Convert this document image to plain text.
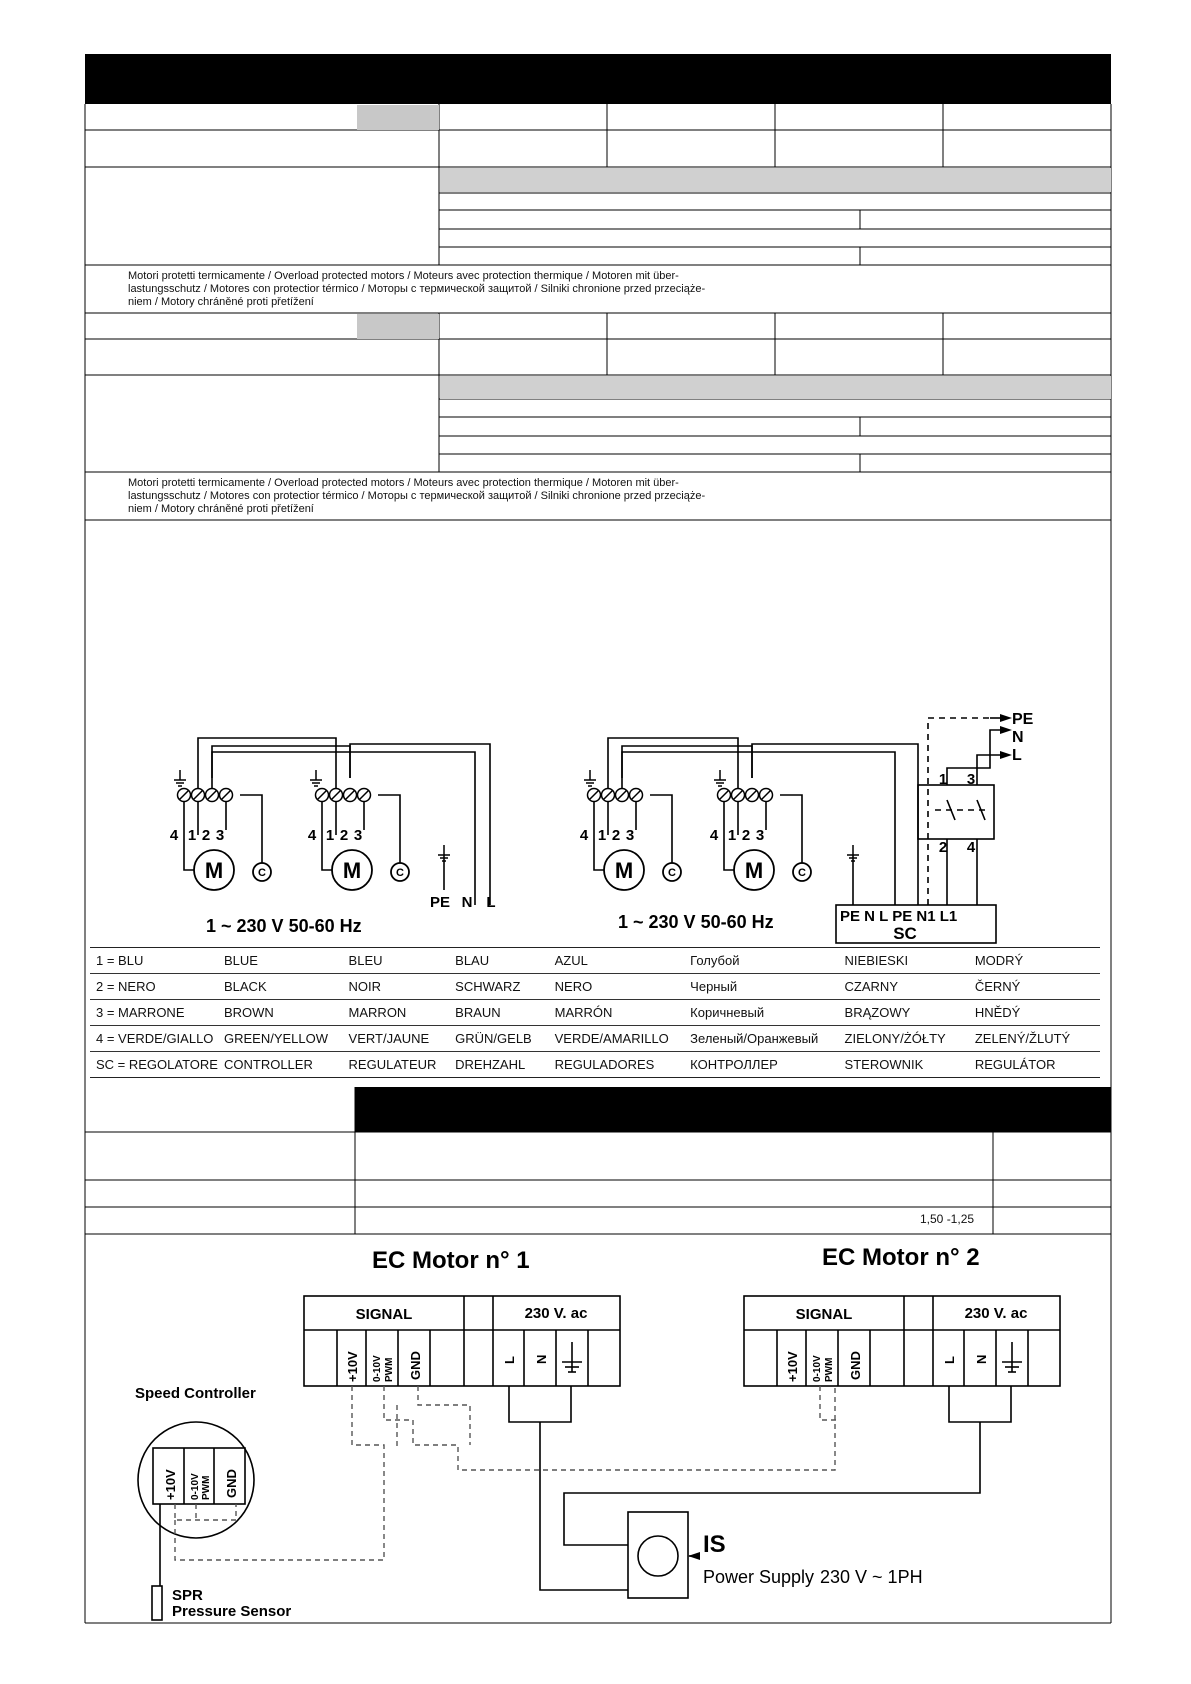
Motori protetti termicamente / Overload protected motors / Moteurs avec protection thermique / Motoren mit über-
lastungsschutz / Motores con protectior térmico / Моторы с термической защитой / Silniki chronione przed przeciąże-
niem / Motory chráněné proti přetížení
Motori protetti termicamente / Overload protected motors / Moteurs avec protection thermique / Motoren mit über-
lastungsschutz / Motores con protectior térmico / Моторы с термической защитой / Silniki chronione przed przeciąże-
niem / Motory chráněné proti přetížení
M	M	M	M
C	C	C	C
4 1 2 3	4 1 2 3	4 1 2 3	4 1 2 3
PE N L
PE
N
L
1 3
2 4
PE N L PE N1 L1
SC
1 ~ 230 V 50-60 Hz	1 ~ 230 V 50-60 Hz
1 = BLU	BLUE	BLEU	BLAU	AZUL	Голубой	NIEBIESKI	MODRÝ
2 = NERO	BLACK	NOIR	SCHWARZ	NERO	Черный	CZARNY	ČERNÝ
3 = MARRONE	BROWN	MARRON	BRAUN	MARRÓN	Коричневый	BRĄZOWY	HNĚDÝ
4 = VERDE/GIALLO	GREEN/YELLOW	VERT/JAUNE	GRÜN/GELB	VERDE/AMARILLO	Зеленый/Оранжевый	ZIELONY/ŻÓŁTY	ZELENÝ/ŽLUTÝ
SC = REGOLATORE	CONTROLLER	REGULATEUR	DREHZAHL	REGULADORES	КОНТРОЛЛЕР	STEROWNIK	REGULÁTOR
1,50 -1,25
EC Motor n° 1	EC Motor n° 2
SIGNAL	230 V. ac	SIGNAL	230 V. ac
+10V 0-10V PWM GND	L N	+10V 0-10V PWM GND	L N
+10V 0-10V PWM GND
Speed Controller
SPR
Pressure Sensor
IS
Power Supply 230 V ~ 1PH
